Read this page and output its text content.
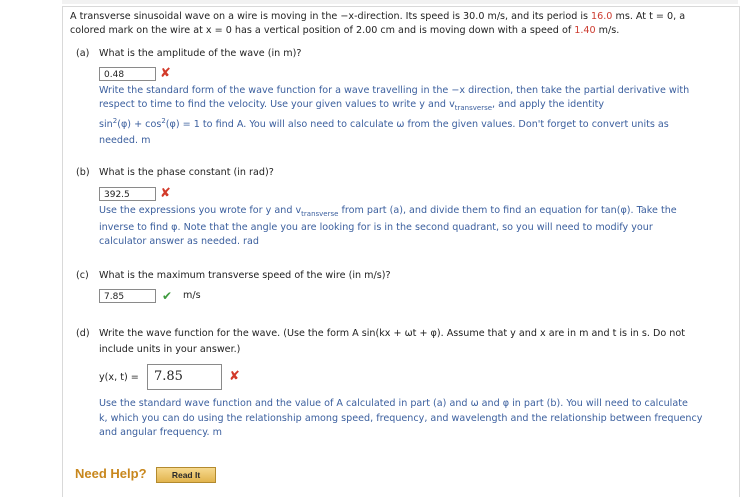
A transverse sinusoidal wave on a wire is moving in the −x-direction. Its speed is 30.0 m/s, and its period is 16.0 ms. At t = 0, a
colored mark on the wire at x = 0 has a vertical position of 2.00 cm and is moving down with a speed of 1.40 m/s.
(a) What is the amplitude of the wave (in m)?
0.48	✘
Write the standard form of the wave function for a wave travelling in the −x direction, then take the partial derivative with
respect to time to find the velocity. Use your given values to write y and $v_{transverse}$, and apply the identity
$\sin^2(\varphi) + \cos^2(\varphi) = 1$ to find A. You will also need to calculate ω from the given values. Don't forget to convert units as
needed. m
(b) What is the phase constant (in rad)?
392.5	✘
Use the expressions you wrote for y and $v_{transverse}$ from part (a), and divide them to find an equation for tan(φ). Take the
inverse to find φ. Note that the angle you are looking for is in the second quadrant, so you will need to modify your
calculator answer as needed. rad
(c) What is the maximum transverse speed of the wire (in m/s)?
7.85	✔ m/s
(d) Write the wave function for the wave. (Use the form A sin(kx + ωt + φ). Assume that y and x are in m and t is in s. Do not
include units in your answer.)
y(x, t) =	7.85	✘
Use the standard wave function and the value of A calculated in part (a) and ω and φ in part (b). You will need to calculate
k, which you can do using the relationship among speed, frequency, and wavelength and the relationship between frequency
and angular frequency. m
Need Help?	Read It
